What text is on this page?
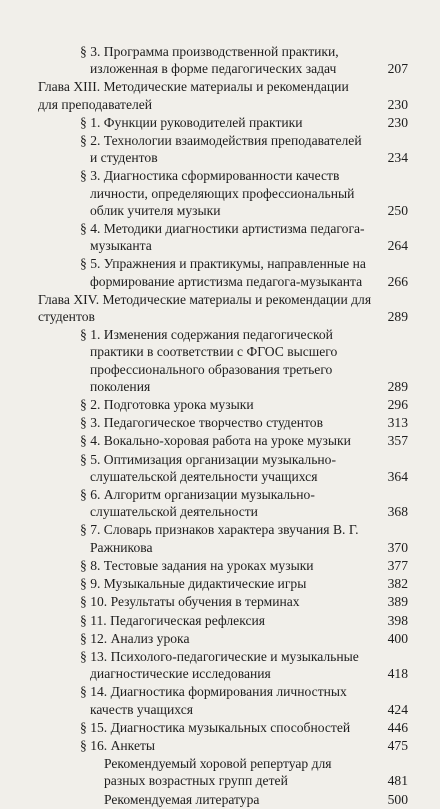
§ 3. Программа производственной практики, изложенная в форме педагогических задач	207
Глава XIII. Методические материалы и рекомендации для преподавателей	230
§ 1. Функции руководителей практики	230
§ 2. Технологии взаимодействия преподавателей и студентов	234
§ 3. Диагностика сформированности качеств личности, определяющих профессиональный облик учителя музыки	250
§ 4. Методики диагностики артистизма педагога-музыканта	264
§ 5. Упражнения и практикумы, направленные на формирование артистизма педагога-музыканта 266
Глава XIV. Методические материалы и рекомендации для студентов	289
§ 1. Изменения содержания педагогической практики в соответствии с ФГОС высшего профессионального образования третьего поколения	289
§ 2. Подготовка урока музыки	296
§ 3. Педагогическое творчество студентов	313
§ 4. Вокально-хоровая работа на уроке музыки	357
§ 5. Оптимизация организации музыкально-слушательской деятельности учащихся	364
§ 6. Алгоритм организации музыкально-слушательской деятельности	368
§ 7. Словарь признаков характера звучания В. Г. Ражникова	370
§ 8. Тестовые задания на уроках музыки	377
§ 9. Музыкальные дидактические игры	382
§ 10. Результаты обучения в терминах	389
§ 11. Педагогическая рефлексия	398
§ 12. Анализ урока	400
§ 13. Психолого-педагогические и музыкальные диагностические исследования	418
§ 14. Диагностика формирования личностных качеств учащихся	424
§ 15. Диагностика музыкальных способностей	446
§ 16. Анкеты	475
Рекомендуемый хоровой репертуар для разных возрастных групп детей	481
Рекомендуемая литература	500
